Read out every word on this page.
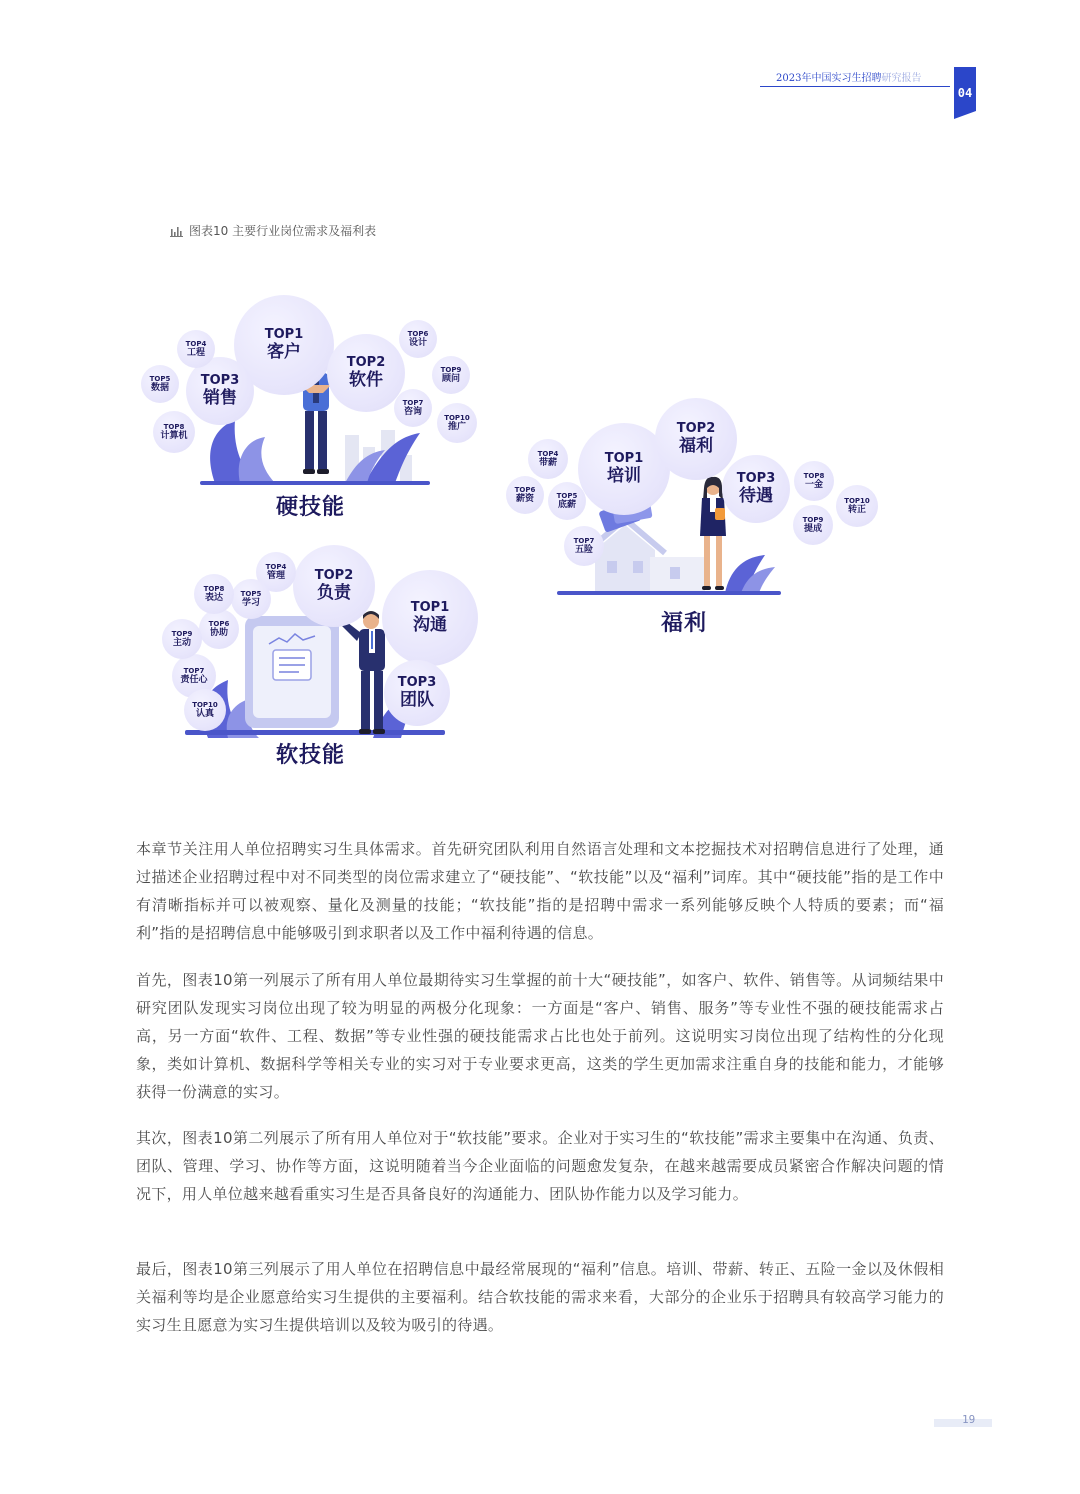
2023年中国实习生招聘研究报告
04
图表10 主要行业岗位需求及福利表
TOP1
客户
TOP2
软件
TOP3
销售
TOP4
工程
TOP5
数据
TOP6
设计
TOP7
咨询
TOP8
计算机
TOP9
顾问
TOP10
推广
硬技能
TOP1
培训
TOP2
福利
TOP3
待遇
TOP4
带薪
TOP5
底薪
TOP6
薪资
TOP7
五险
TOP8
一金
TOP9
提成
TOP10
转正
福利
TOP1
沟通
TOP2
负责
TOP3
团队
TOP4
管理
TOP5
学习
TOP6
协助
TOP7
责任心
TOP8
表达
TOP9
主动
TOP10
认真
软技能
本章节关注用人单位招聘实习生具体需求。首先研究团队利用自然语言处理和文本挖掘技术对招聘信息进行了处理，通过描述企业招聘过程中对不同类型的岗位需求建立了“硬技能”、“软技能”以及“福利”词库。其中“硬技能”指的是工作中有清晰指标并可以被观察、量化及测量的技能；“软技能”指的是招聘中需求一系列能够反映个人特质的要素；而“福利”指的是招聘信息中能够吸引到求职者以及工作中福利待遇的信息。
首先，图表10第一列展示了所有用人单位最期待实习生掌握的前十大“硬技能”，如客户、软件、销售等。从词频结果中研究团队发现实习岗位出现了较为明显的两极分化现象：一方面是“客户、销售、服务”等专业性不强的硬技能需求占高，另一方面“软件、工程、数据”等专业性强的硬技能需求占比也处于前列。这说明实习岗位出现了结构性的分化现象，类如计算机、数据科学等相关专业的实习对于专业要求更高，这类的学生更加需求注重自身的技能和能力，才能够获得一份满意的实习。
其次，图表10第二列展示了所有用人单位对于“软技能”要求。企业对于实习生的“软技能”需求主要集中在沟通、负责、团队、管理、学习、协作等方面，这说明随着当今企业面临的问题愈发复杂，在越来越需要成员紧密合作解决问题的情况下，用人单位越来越看重实习生是否具备良好的沟通能力、团队协作能力以及学习能力。
最后，图表10第三列展示了用人单位在招聘信息中最经常展现的“福利”信息。培训、带薪、转正、五险一金以及休假相关福利等均是企业愿意给实习生提供的主要福利。结合软技能的需求来看，大部分的企业乐于招聘具有较高学习能力的实习生且愿意为实习生提供培训以及较为吸引的待遇。
19
